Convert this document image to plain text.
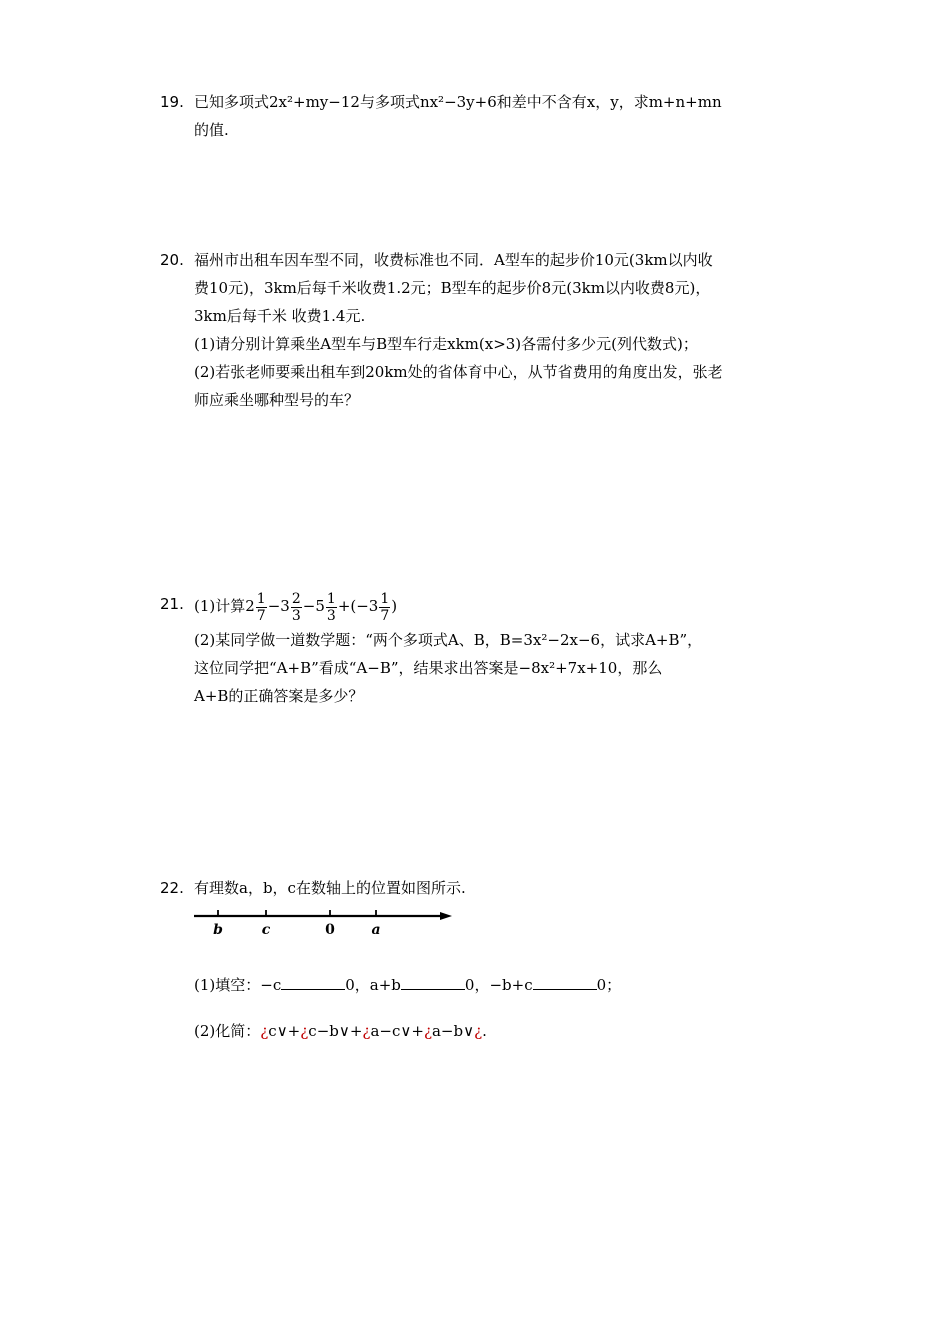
19. 已知多项式2x²+my−12与多项式nx²−3y+6和差中不含有x，y，求m+n+mn
的值.
20. 福州市出租车因车型不同，收费标准也不同．A型车的起步价10元(3km以内收
费10元)，3km后每千米收费1.2元；B型车的起步价8元(3km以内收费8元)，
3km后每千米 收费1.4元.
(1)请分别计算乘坐A型车与B型车行走xkm(x>3)各需付多少元(列代数式)；
(2)若张老师要乘出租车到20km处的省体育中心，从节省费用的角度出发，张老
师应乘坐哪种型号的车？
21. (1)计算$2 \frac{1}{7} -3 \frac{2}{3} -5 \frac{1}{3} +(-3 \frac{1}{7}$ )
(2)某同学做一道数学题：“两个多项式A、B，B=3x²−2x−6，试求A+B”，
这位同学把“A+B”看成“A−B”，结果求出答案是−8x²+7x+10，那么
A+B的正确答案是多少？
22. 有理数a，b，c在数轴上的位置如图所示.
b	c	0	a
(1)填空：−c	0，a+b	0，−b+c	0；
(2)化简：¿c∨+¿c−b∨+¿a−c∨+¿a−b∨¿.
